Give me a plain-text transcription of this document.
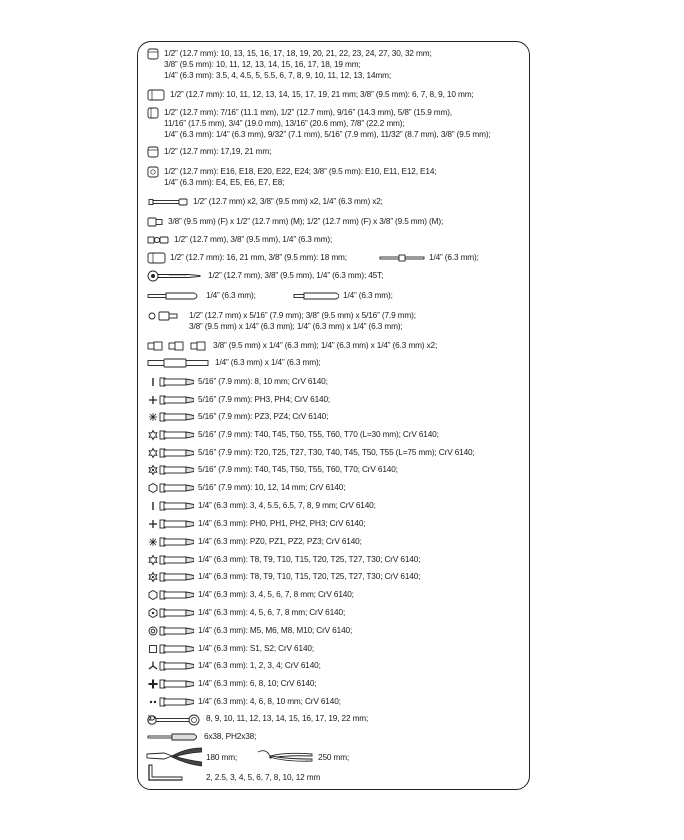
1/2” (12.7 mm): 10, 13, 15, 16, 17, 18, 19, 20, 21, 22, 23, 24, 27, 30, 32 mm;
3/8” (9.5 mm): 10, 11, 12, 13, 14, 15, 16, 17, 18, 19 mm;
1/4” (6.3 mm): 3.5, 4, 4.5, 5, 5.5, 6, 7, 8, 9, 10, 11, 12, 13, 14mm;
1/2” (12.7 mm): 10, 11, 12, 13, 14, 15, 17, 19, 21 mm; 3/8” (9.5 mm): 6, 7, 8, 9, 10 mm;
1/2” (12.7 mm): 7/16” (11.1 mm), 1/2” (12.7 mm), 9/16” (14.3 mm), 5/8” (15.9 mm),
11/16” (17.5 mm), 3/4” (19.0 mm), 13/16” (20.6 mm), 7/8” (22.2 mm);
1/4” (6.3 mm): 1/4” (6.3 mm), 9/32” (7.1 mm), 5/16” (7.9 mm), 11/32” (8.7 mm), 3/8” (9.5 mm);
1/2” (12.7 mm): 17,19, 21 mm;
1/2” (12.7 mm): E16, E18, E20, E22, E24; 3/8” (9.5 mm): E10, E11, E12, E14;
1/4” (6.3 mm): E4, E5, E6, E7, E8;
1/2” (12.7 mm) x2, 3/8” (9.5 mm) x2, 1/4” (6.3 mm) x2;
3/8” (9.5 mm) (F) x 1/2” (12.7 mm) (M); 1/2” (12.7 mm) (F) x 3/8” (9.5 mm) (M);
1/2” (12.7 mm), 3/8” (9.5 mm), 1/4” (6.3 mm);
1/2” (12.7 mm): 16, 21 mm, 3/8” (9.5 mm): 18 mm;	1/4” (6.3 mm);
1/2” (12.7 mm), 3/8” (9.5 mm), 1/4” (6.3 mm); 45T;
1/4” (6.3 mm);	1/4” (6.3 mm);
1/2” (12.7 mm) x 5/16” (7.9 mm); 3/8” (9.5 mm) x 5/16” (7.9 mm);
3/8” (9.5 mm) x 1/4” (6.3 mm); 1/4” (6.3 mm) x 1/4” (6.3 mm);
3/8” (9.5 mm) x 1/4” (6.3 mm); 1/4” (6.3 mm) x 1/4” (6.3 mm) x2;
1/4” (6.3 mm) x 1/4” (6.3 mm);
5/16” (7.9 mm): 8, 10 mm; CrV 6140;
5/16” (7.9 mm): PH3, PH4; CrV 6140;
5/16” (7.9 mm): PZ3, PZ4; CrV 6140;
5/16” (7.9 mm): T40, T45, T50, T55, T60, T70 (L=30 mm); CrV 6140;
5/16” (7.9 mm): T20, T25, T27, T30, T40, T45, T50, T55 (L=75 mm); CrV 6140;
5/16” (7.9 mm): T40, T45, T50, T55, T60, T70; CrV 6140;
5/16” (7.9 mm): 10, 12, 14 mm; CrV 6140;
1/4” (6.3 mm): 3, 4, 5.5, 6.5, 7, 8, 9 mm; CrV 6140;
1/4” (6.3 mm): PH0, PH1, PH2, PH3; CrV 6140;
1/4” (6.3 mm): PZ0, PZ1, PZ2, PZ3; CrV 6140;
1/4” (6.3 mm): T8, T9, T10, T15, T20, T25, T27, T30; CrV 6140;
1/4” (6.3 mm): T8, T9, T10, T15, T20, T25, T27, T30; CrV 6140;
1/4” (6.3 mm): 3, 4, 5, 6, 7, 8 mm; CrV 6140;
1/4” (6.3 mm): 4, 5, 6, 7, 8 mm; CrV 6140;
1/4” (6.3 mm): M5, M6, M8, M10; CrV 6140;
1/4” (6.3 mm): S1, S2; CrV 6140;
1/4” (6.3 mm): 1, 2, 3, 4; CrV 6140;
1/4” (6.3 mm): 6, 8, 10; CrV 6140;
1/4” (6.3 mm): 4, 6, 8, 10 mm; CrV 6140;
8, 9, 10, 11, 12, 13, 14, 15, 16, 17, 19, 22 mm;
6x38, PH2x38;
180 mm;	250 mm;
2, 2.5, 3, 4, 5, 6, 7, 8, 10, 12 mm
